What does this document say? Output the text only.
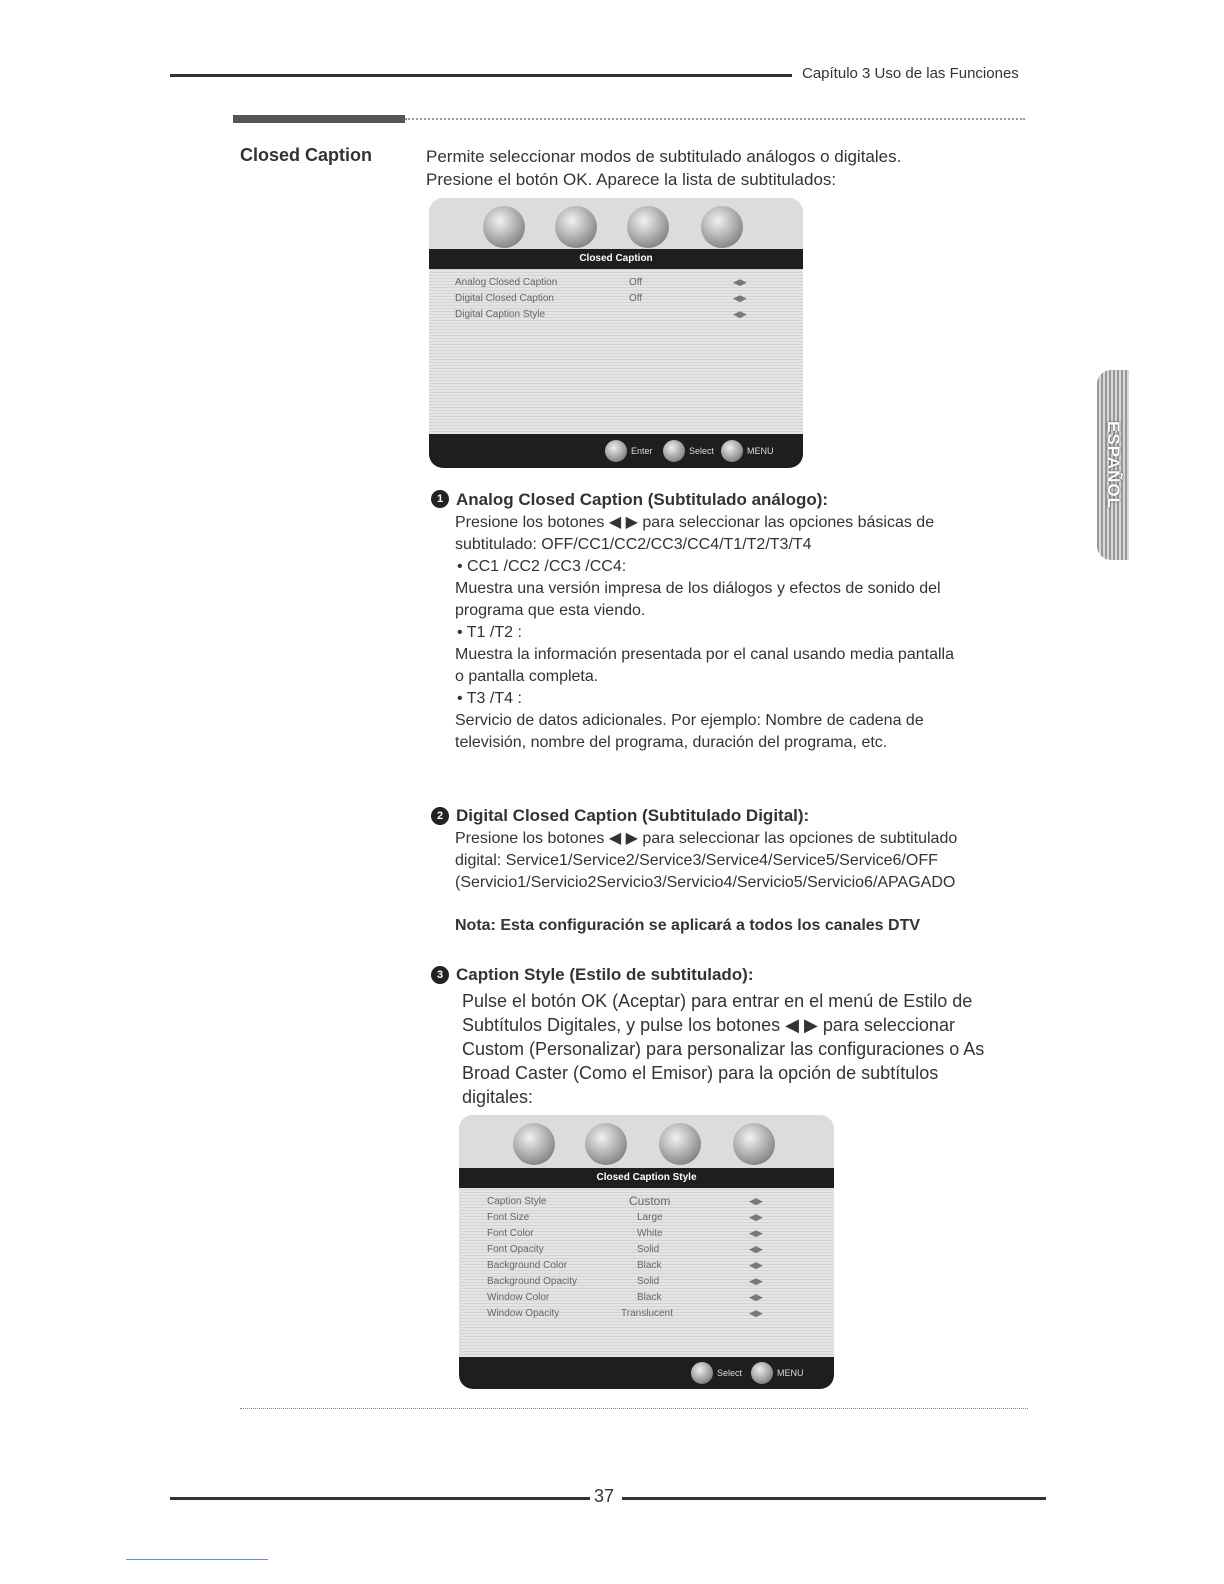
Capítulo 3 Uso de las Funciones
Closed Caption	Permite seleccionar modos de subtitulado análogos o digitales.
Presione el botón OK. Aparece la lista de subtitulados:
Closed Caption
Analog Closed Caption	Off	◀▶
Digital Closed Caption	Off	◀▶
Digital Caption Style	◀▶
Enter	Select	MENU
1 Analog Closed Caption (Subtitulado análogo):
Presione los botones ◀ ▶ para seleccionar las opciones básicas de
subtitulado: OFF/CC1/CC2/CC3/CC4/T1/T2/T3/T4
• CC1 /CC2 /CC3 /CC4:
Muestra una versión impresa de los diálogos y efectos de sonido del
programa que esta viendo.
• T1 /T2 :
Muestra la información presentada por el canal usando media pantalla
o pantalla completa.
• T3 /T4 :
Servicio de datos adicionales. Por ejemplo: Nombre de cadena de
televisión, nombre del programa, duración del programa, etc.
2 Digital Closed Caption (Subtitulado Digital):
Presione los botones ◀ ▶ para seleccionar las opciones de subtitulado
digital: Service1/Service2/Service3/Service4/Service5/Service6/OFF
(Servicio1/Servicio2Servicio3/Servicio4/Servicio5/Servicio6/APAGADO
Nota: Esta configuración se aplicará a todos los canales DTV
3 Caption Style (Estilo de subtitulado):
Pulse el botón OK (Aceptar) para entrar en el menú de Estilo de
Subtítulos Digitales, y pulse los botones ◀ ▶ para seleccionar
Custom (Personalizar) para personalizar las configuraciones o As
Broad Caster (Como el Emisor) para la opción de subtítulos
digitales:
Closed Caption Style
Caption Style	Custom	◀▶
Font Size	Large	◀▶
Font Color	White	◀▶
Font Opacity	Solid	◀▶
Background Color	Black	◀▶
Background Opacity	Solid	◀▶
Window Color	Black	◀▶
Window Opacity	Translucent	◀▶
Select	MENU
ESPAÑOL
37
